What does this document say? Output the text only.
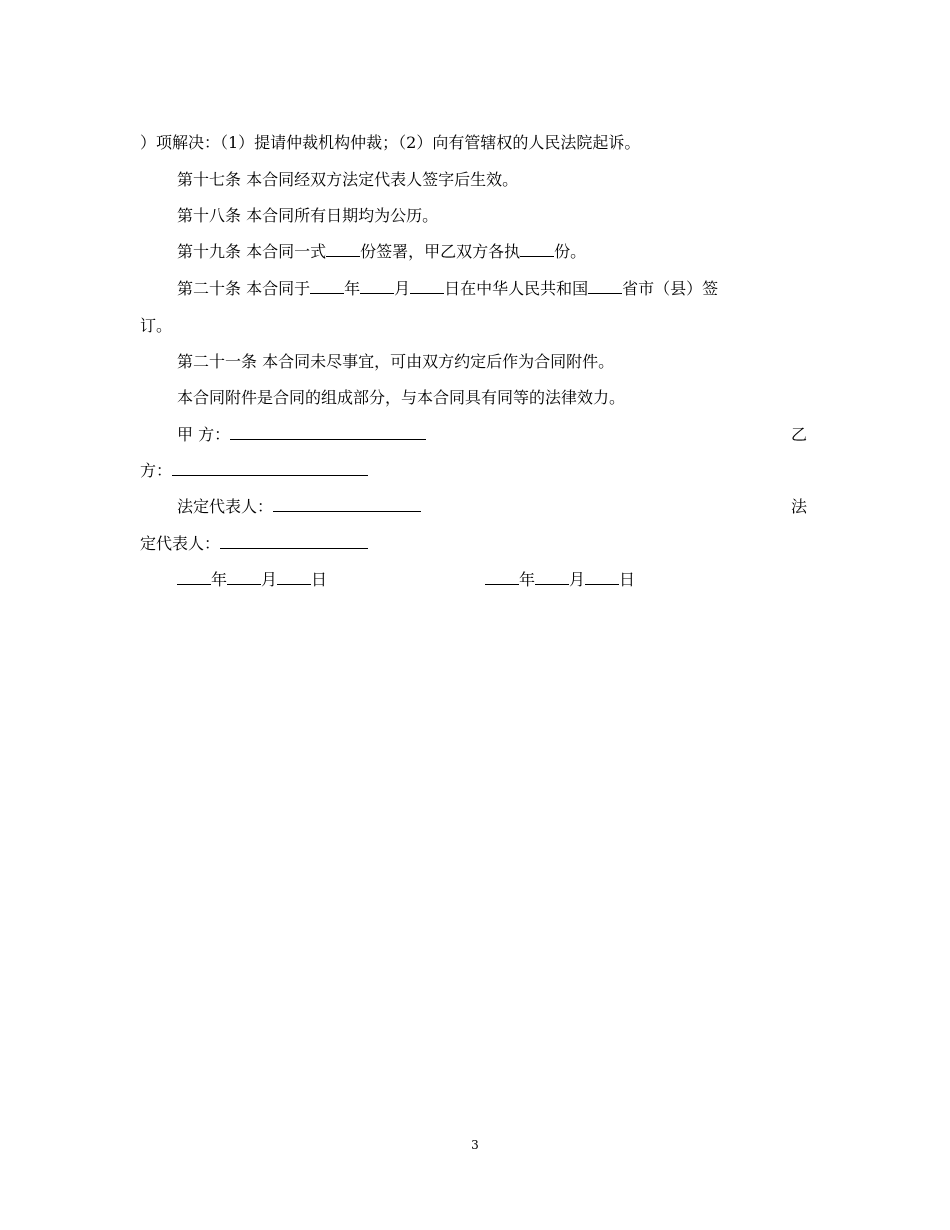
）项解决：（1）提请仲裁机构仲裁；（2）向有管辖权的人民法院起诉。
第十七条 本合同经双方法定代表人签字后生效。
第十八条 本合同所有日期均为公历。
第十九条 本合同一式 份签署，甲乙双方各执 份。
第二十条 本合同于 年 月 日在中华人民共和国 省市（县）签
订。
第二十一条 本合同未尽事宜，可由双方约定后作为合同附件。
本合同附件是合同的组成部分，与本合同具有同等的法律效力。
甲 方：	乙
方：
法定代表人：	法
定代表人：
年 月 日	年 月 日
3
